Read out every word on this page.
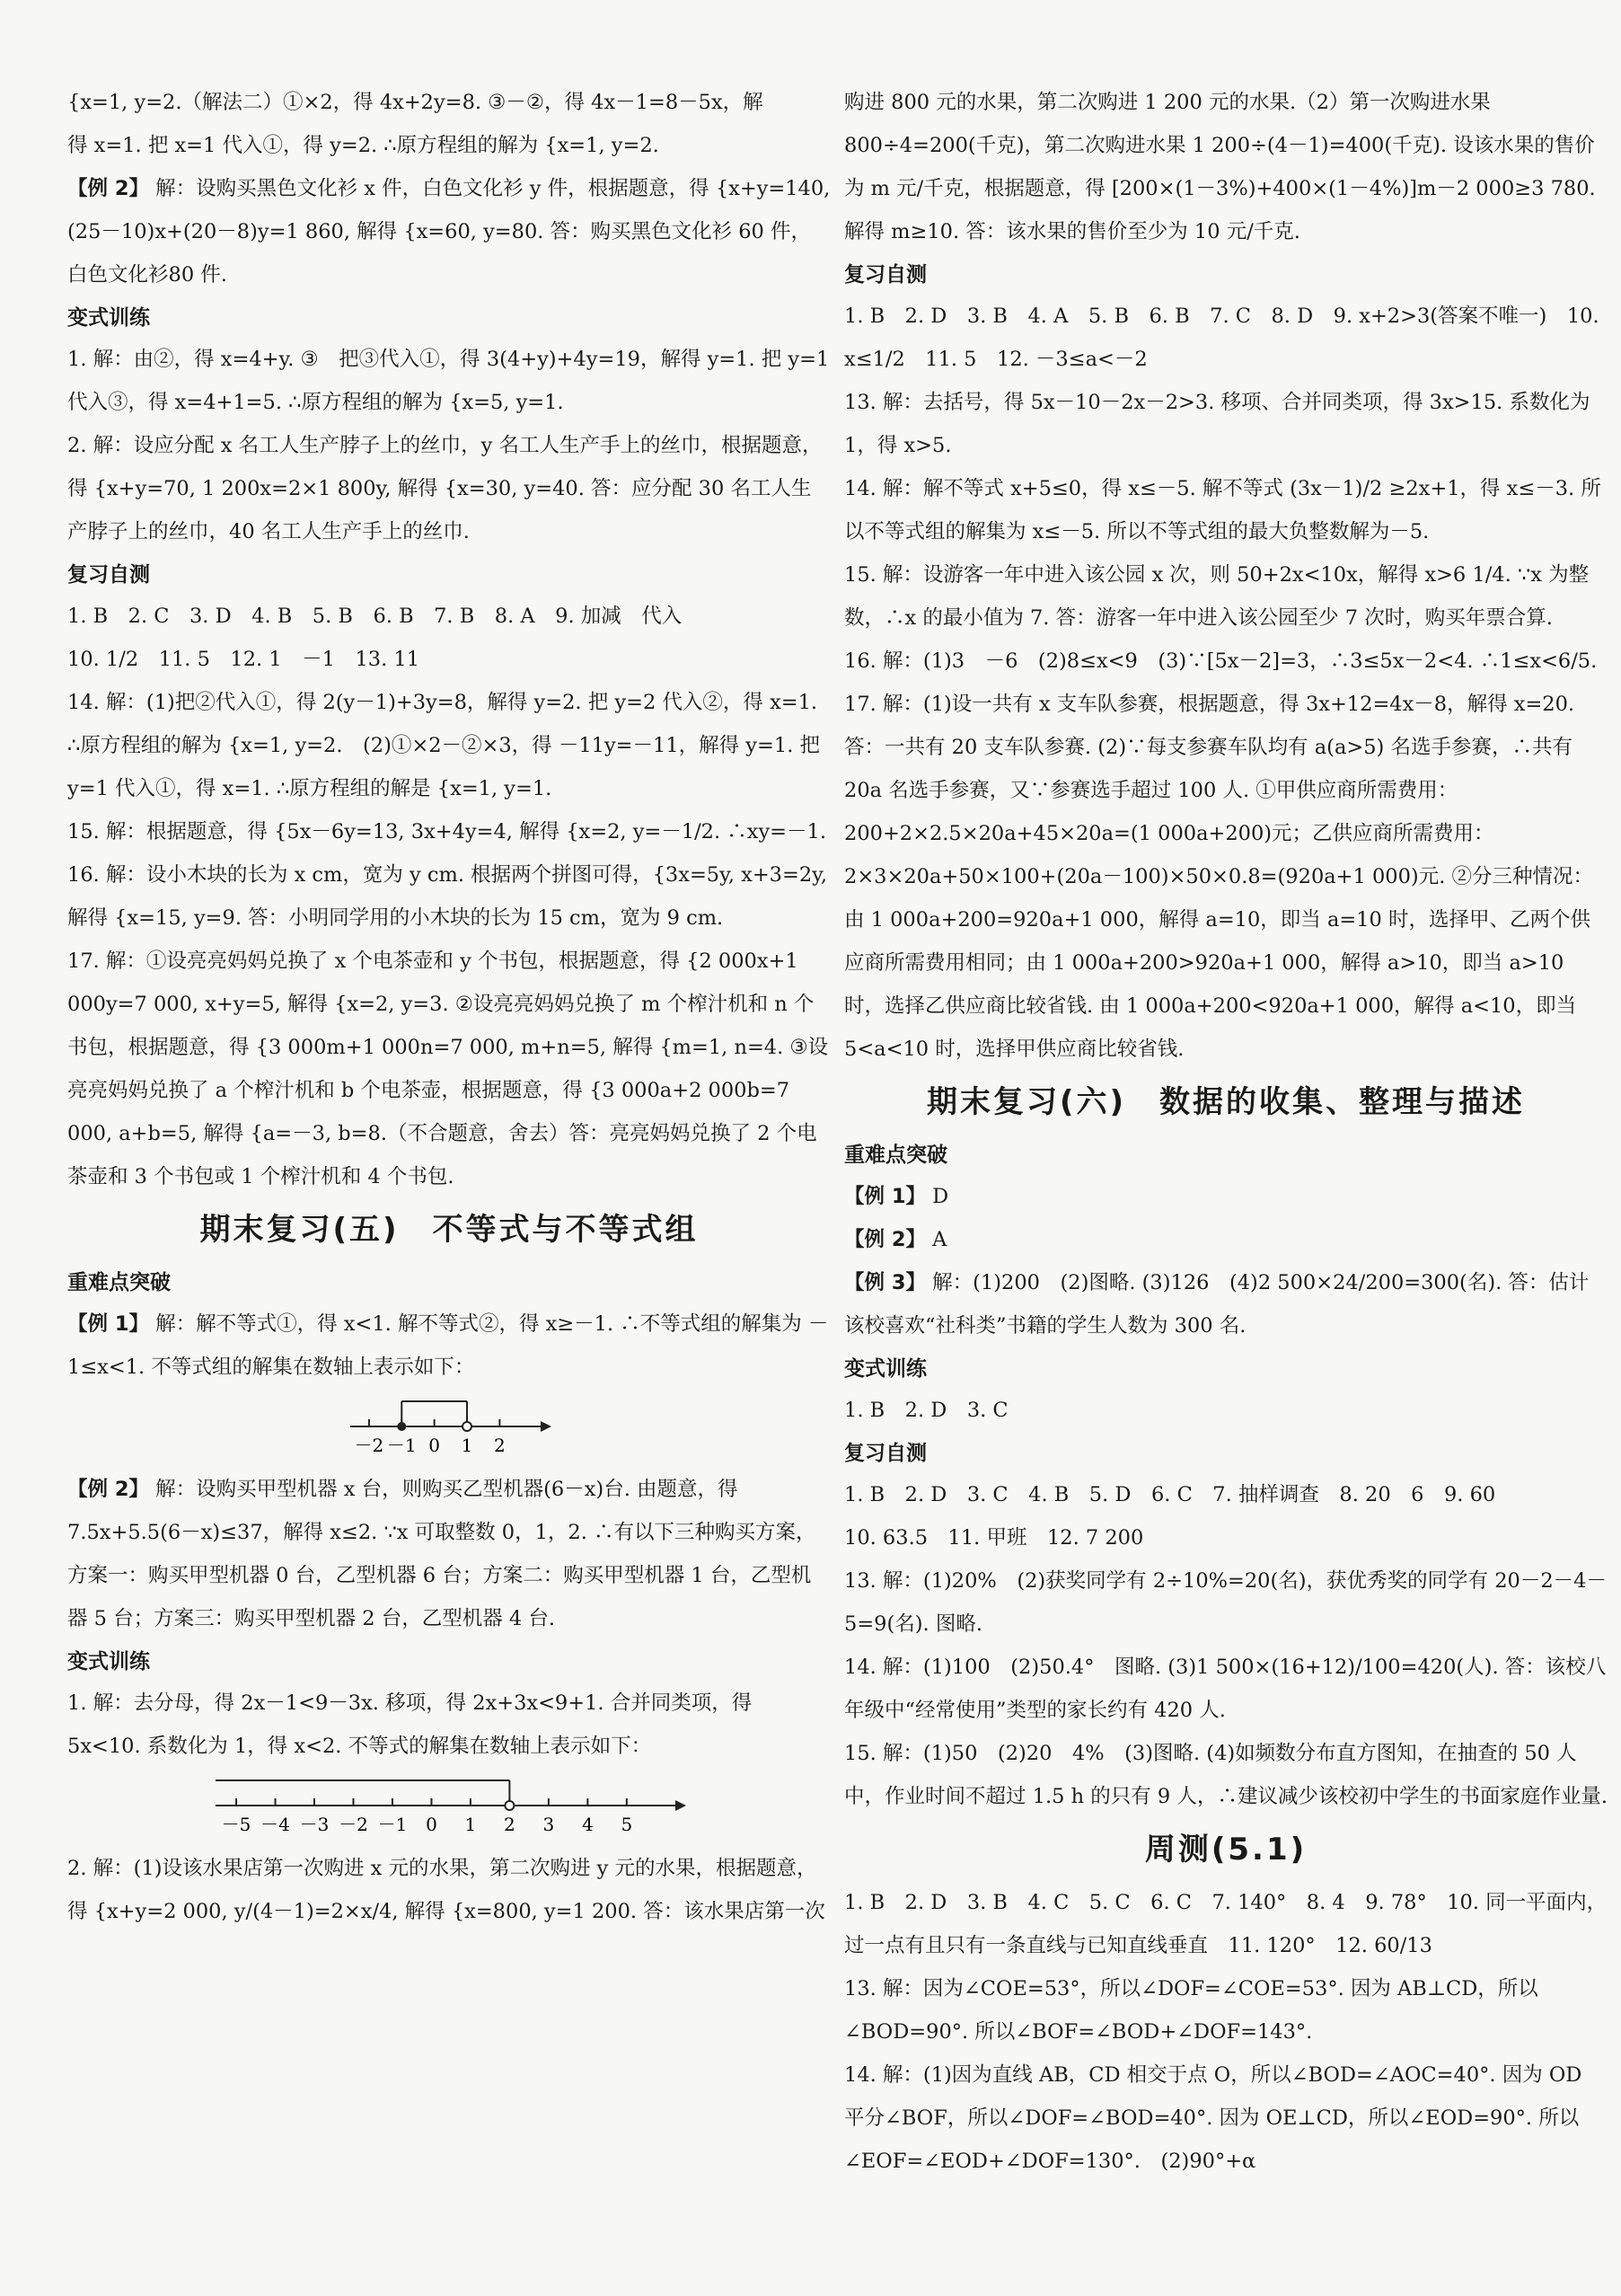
{x=1, y=2.（解法二）①×2，得 4x+2y=8. ③－②，得 4x－1=8－5x，解

得 x=1. 把 x=1 代入①，得 y=2. ∴原方程组的解为 {x=1, y=2.

【例 2】 解：设购买黑色文化衫 x 件，白色文化衫 y 件，根据题意，得 {x+y=140, (25－10)x+(20－8)y=1 860, 解得 {x=60, y=80. 答：购买黑色文化衫 60 件，白色文化衫80 件.

变式训练

1. 解：由②，得 x=4+y. ③　把③代入①，得 3(4+y)+4y=19，解得 y=1. 把 y=1 代入③，得 x=4+1=5. ∴原方程组的解为 {x=5, y=1.

2. 解：设应分配 x 名工人生产脖子上的丝巾，y 名工人生产手上的丝巾，根据题意，得 {x+y=70, 1 200x=2×1 800y, 解得 {x=30, y=40. 答：应分配 30 名工人生产脖子上的丝巾，40 名工人生产手上的丝巾.

复习自测

1. B　2. C　3. D　4. B　5. B　6. B　7. B　8. A　9. 加减　代入

10. 1/2　11. 5　12. 1　－1　13. 11

14. 解：(1)把②代入①，得 2(y－1)+3y=8，解得 y=2. 把 y=2 代入②，得 x=1. ∴原方程组的解为 {x=1, y=2.　(2)①×2－②×3，得 －11y=－11，解得 y=1. 把 y=1 代入①，得 x=1. ∴原方程组的解是 {x=1, y=1.

15. 解：根据题意，得 {5x－6y=13, 3x+4y=4, 解得 {x=2, y=－1/2. ∴xy=－1.

16. 解：设小木块的长为 x cm，宽为 y cm. 根据两个拼图可得，{3x=5y, x+3=2y, 解得 {x=15, y=9. 答：小明同学用的小木块的长为 15 cm，宽为 9 cm.

17. 解：①设亮亮妈妈兑换了 x 个电茶壶和 y 个书包，根据题意，得 {2 000x+1 000y=7 000, x+y=5, 解得 {x=2, y=3. ②设亮亮妈妈兑换了 m 个榨汁机和 n 个书包，根据题意，得 {3 000m+1 000n=7 000, m+n=5, 解得 {m=1, n=4. ③设亮亮妈妈兑换了 a 个榨汁机和 b 个电茶壶，根据题意，得 {3 000a+2 000b=7 000, a+b=5, 解得 {a=－3, b=8.（不合题意，舍去）答：亮亮妈妈兑换了 2 个电茶壶和 3 个书包或 1 个榨汁机和 4 个书包.

期末复习(五)　不等式与不等式组

重难点突破

【例 1】 解：解不等式①，得 x<1. 解不等式②，得 x≥－1. ∴不等式组的解集为 －1≤x<1. 不等式组的解集在数轴上表示如下：

－2 －1 0 1 2

【例 2】 解：设购买甲型机器 x 台，则购买乙型机器(6－x)台. 由题意，得 7.5x+5.5(6－x)≤37，解得 x≤2. ∵x 可取整数 0，1，2. ∴有以下三种购买方案，方案一：购买甲型机器 0 台，乙型机器 6 台；方案二：购买甲型机器 1 台，乙型机器 5 台；方案三：购买甲型机器 2 台，乙型机器 4 台.

变式训练

1. 解：去分母，得 2x－1<9－3x. 移项，得 2x+3x<9+1. 合并同类项，得 5x<10. 系数化为 1，得 x<2. 不等式的解集在数轴上表示如下：

－5 －4 －3 －2 －1 0 1 2 3 4 5

2. 解：(1)设该水果店第一次购进 x 元的水果，第二次购进 y 元的水果，根据题意，得 {x+y=2 000, y/(4－1)=2×x/4, 解得 {x=800, y=1 200. 答：该水果店第一次

购进 800 元的水果，第二次购进 1 200 元的水果.（2）第一次购进水果 800÷4=200(千克)，第二次购进水果 1 200÷(4－1)=400(千克). 设该水果的售价为 m 元/千克，根据题意，得 [200×(1－3%)+400×(1－4%)]m－2 000≥3 780. 解得 m≥10. 答：该水果的售价至少为 10 元/千克.

复习自测

1. B　2. D　3. B　4. A　5. B　6. B　7. C　8. D　9. x+2>3(答案不唯一)　10. x≤1/2　11. 5　12. －3≤a<－2

13. 解：去括号，得 5x－10－2x－2>3. 移项、合并同类项，得 3x>15. 系数化为 1，得 x>5.

14. 解：解不等式 x+5≤0，得 x≤－5. 解不等式 (3x－1)/2 ≥2x+1，得 x≤－3. 所以不等式组的解集为 x≤－5. 所以不等式组的最大负整数解为－5.

15. 解：设游客一年中进入该公园 x 次，则 50+2x<10x，解得 x>6 1/4. ∵x 为整数，∴x 的最小值为 7. 答：游客一年中进入该公园至少 7 次时，购买年票合算.

16. 解：(1)3　－6　(2)8≤x<9　(3)∵[5x－2]=3，∴3≤5x－2<4. ∴1≤x<6/5.

17. 解：(1)设一共有 x 支车队参赛，根据题意，得 3x+12=4x－8，解得 x=20. 答：一共有 20 支车队参赛. (2)∵每支参赛车队均有 a(a>5) 名选手参赛，∴共有 20a 名选手参赛，又∵参赛选手超过 100 人. ①甲供应商所需费用：200+2×2.5×20a+45×20a=(1 000a+200)元；乙供应商所需费用：2×3×20a+50×100+(20a－100)×50×0.8=(920a+1 000)元. ②分三种情况：由 1 000a+200=920a+1 000，解得 a=10，即当 a=10 时，选择甲、乙两个供应商所需费用相同；由 1 000a+200>920a+1 000，解得 a>10，即当 a>10 时，选择乙供应商比较省钱. 由 1 000a+200<920a+1 000，解得 a<10，即当 5<a<10 时，选择甲供应商比较省钱.

期末复习(六)　数据的收集、整理与描述

重难点突破

【例 1】 D

【例 2】 A

【例 3】 解：(1)200　(2)图略. (3)126　(4)2 500×24/200=300(名). 答：估计该校喜欢“社科类”书籍的学生人数为 300 名.

变式训练

1. B　2. D　3. C

复习自测

1. B　2. D　3. C　4. B　5. D　6. C　7. 抽样调查　8. 20　6　9. 60

10. 63.5　11. 甲班　12. 7 200

13. 解：(1)20%　(2)获奖同学有 2÷10%=20(名)，获优秀奖的同学有 20－2－4－5=9(名). 图略.

14. 解：(1)100　(2)50.4°　图略. (3)1 500×(16+12)/100=420(人). 答：该校八年级中“经常使用”类型的家长约有 420 人.

15. 解：(1)50　(2)20　4%　(3)图略. (4)如频数分布直方图知，在抽查的 50 人中，作业时间不超过 1.5 h 的只有 9 人，∴建议减少该校初中学生的书面家庭作业量.

周测(5.1)

1. B　2. D　3. B　4. C　5. C　6. C　7. 140°　8. 4　9. 78°　10. 同一平面内，过一点有且只有一条直线与已知直线垂直　11. 120°　12. 60/13

13. 解：因为∠COE=53°，所以∠DOF=∠COE=53°. 因为 AB⊥CD，所以∠BOD=90°. 所以∠BOF=∠BOD+∠DOF=143°.

14. 解：(1)因为直线 AB，CD 相交于点 O，所以∠BOD=∠AOC=40°. 因为 OD 平分∠BOF，所以∠DOF=∠BOD=40°. 因为 OE⊥CD，所以∠EOD=90°. 所以∠EOF=∠EOD+∠DOF=130°.　(2)90°+α
